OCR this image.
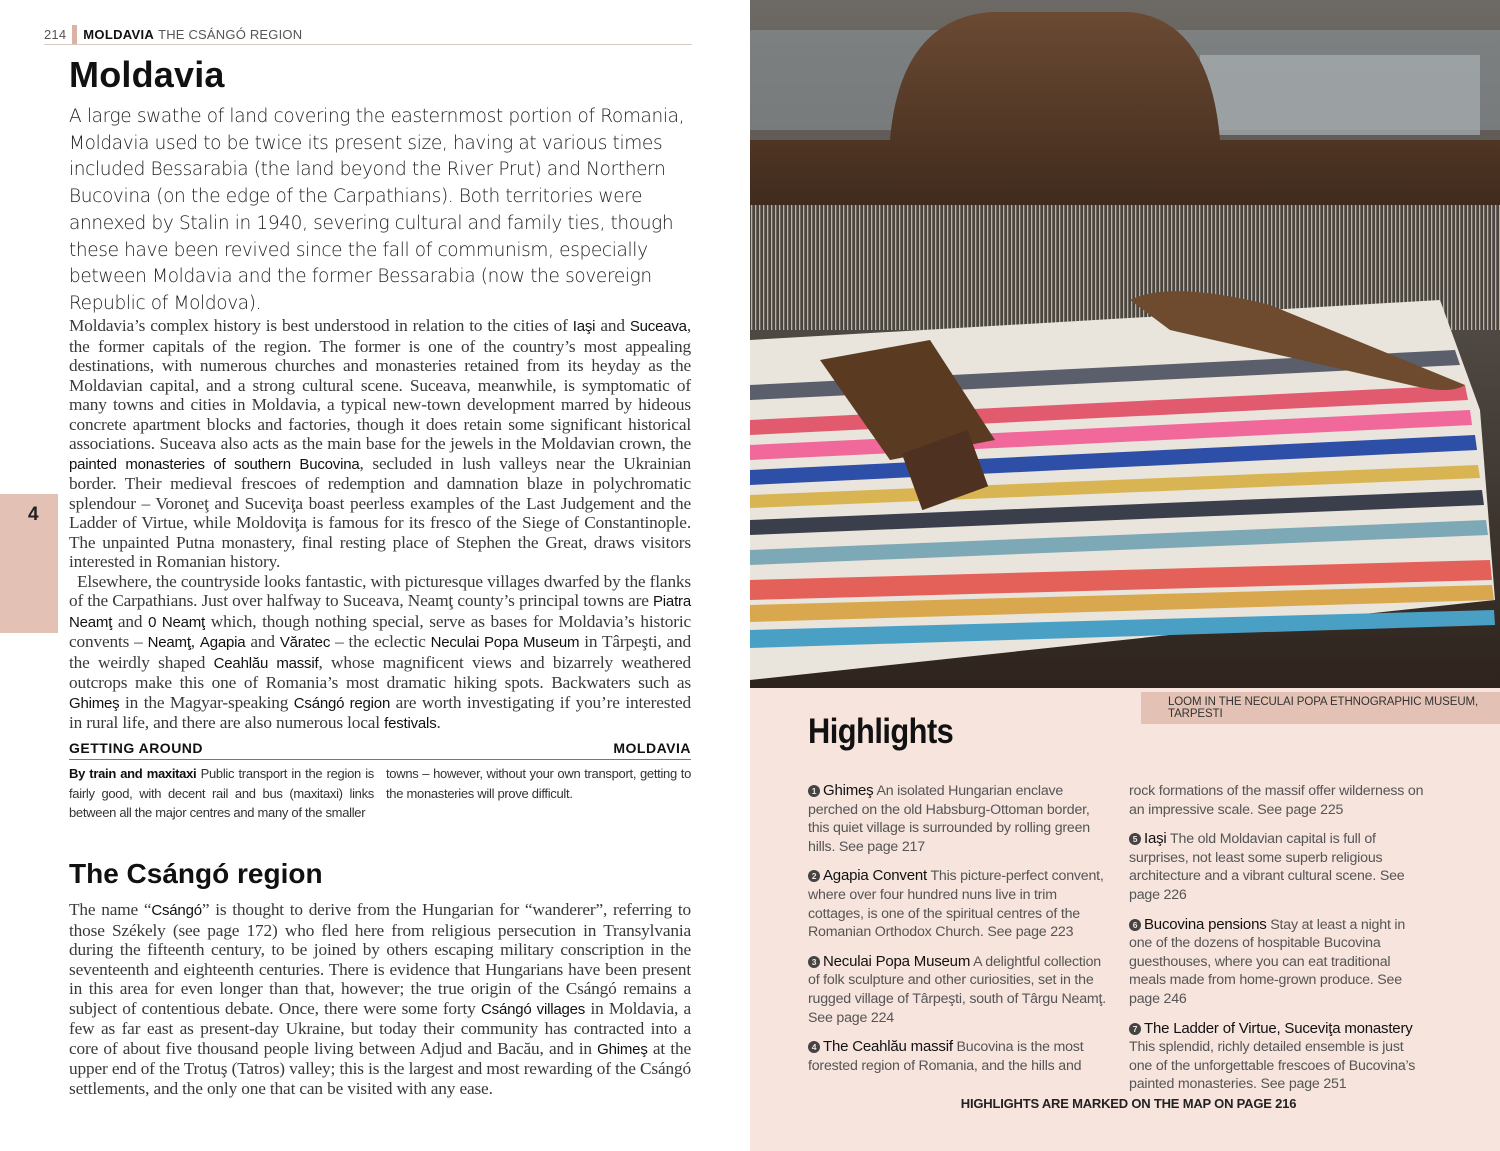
214 MOLDAVIA THE CSÁNGÓ REGION
Moldavia

A large swathe of land covering the easternmost portion of Romania, Moldavia used to be twice its present size, having at various times included Bessarabia (the land beyond the River Prut) and Northern Bucovina (on the edge of the Carpathians). Both territories were annexed by Stalin in 1940, severing cultural and family ties, though these have been revived since the fall of communism, especially between Moldavia and the former Bessarabia (now the sovereign Republic of Moldova).

Moldavia’s complex history is best understood in relation to the cities of Iaşi and Suceava, the former capitals of the region. The former is one of the country’s most appealing destinations, with numerous churches and monasteries retained from its heyday as the Moldavian capital, and a strong cultural scene. Suceava, meanwhile, is symptomatic of many towns and cities in Moldavia, a typical new-town development marred by hideous concrete apartment blocks and factories, though it does retain some significant historical associations. Suceava also acts as the main base for the jewels in the Moldavian crown, the painted monasteries of southern Bucovina, secluded in lush valleys near the Ukrainian border. Their medieval frescoes of redemption and damnation blaze in polychromatic splendour – Voroneţ and Suceviţa boast peerless examples of the Last Judgement and the Ladder of Virtue, while Moldoviţa is famous for its fresco of the Siege of Constantinople. The unpainted Putna monastery, final resting place of Stephen the Great, draws visitors interested in Romanian history.

Elsewhere, the countryside looks fantastic, with picturesque villages dwarfed by the flanks of the Carpathians. Just over halfway to Suceava, Neamţ county’s principal towns are Piatra Neamţ and 0 Neamţ which, though nothing special, serve as bases for Moldavia’s historic convents – Neamţ, Agapia and Văratec – the eclectic Neculai Popa Museum in Târpeşti, and the weirdly shaped Ceahlău massif, whose magnificent views and bizarrely weathered outcrops make this one of Romania’s most dramatic hiking spots. Backwaters such as Ghimeş in the Magyar-speaking Csángó region are worth investigating if you’re interested in rural life, and there are also numerous local festivals.

4
GETTING AROUND	MOLDAVIA

By train and maxitaxi Public transport in the region is fairly good, with decent rail and bus (maxitaxi) links between all the major centres and many of the smaller

towns – however, without your own transport, getting to the monasteries will prove difficult.

The Csángó region

The name “Csángó” is thought to derive from the Hungarian for “wanderer”, referring to those Székely (see page 172) who fled here from religious persecution in Transylvania during the fifteenth century, to be joined by others escaping military conscription in the seventeenth and eighteenth centuries. There is evidence that Hungarians have been present in this area for even longer than that, however; the true origin of the Csángó remains a subject of contentious debate. Once, there were some forty Csángó villages in Moldavia, a few as far east as present-day Ukraine, but today their community has contracted into a core of about five thousand people living between Adjud and Bacău, and in Ghimeş at the upper end of the Trotuş (Tatros) valley; this is the largest and most rewarding of the Csángó settlements, and the only one that can be visited with any ease.

LOOM IN THE NECULAI POPA ETHNOGRAPHIC MUSEUM, TARPESTI
Highlights

1 Ghimeş An isolated Hungarian enclave perched on the old Habsburg-Ottoman border, this quiet village is surrounded by rolling green hills. See page 217

2 Agapia Convent This picture-perfect convent, where over four hundred nuns live in trim cottages, is one of the spiritual centres of the Romanian Orthodox Church. See page 223

3 Neculai Popa Museum A delightful collection of folk sculpture and other curiosities, set in the rugged village of Târpeşti, south of Târgu Neamţ. See page 224

4 The Ceahlău massif Bucovina is the most forested region of Romania, and the hills and

rock formations of the massif offer wilderness on an impressive scale. See page 225

5 Iaşi The old Moldavian capital is full of surprises, not least some superb religious architecture and a vibrant cultural scene. See page 226

6 Bucovina pensions Stay at least a night in one of the dozens of hospitable Bucovina guesthouses, where you can eat traditional meals made from home-grown produce. See page 246

7 The Ladder of Virtue, Suceviţa monastery This splendid, richly detailed ensemble is just one of the unforgettable frescoes of Bucovina’s painted monasteries. See page 251

HIGHLIGHTS ARE MARKED ON THE MAP ON PAGE 216
